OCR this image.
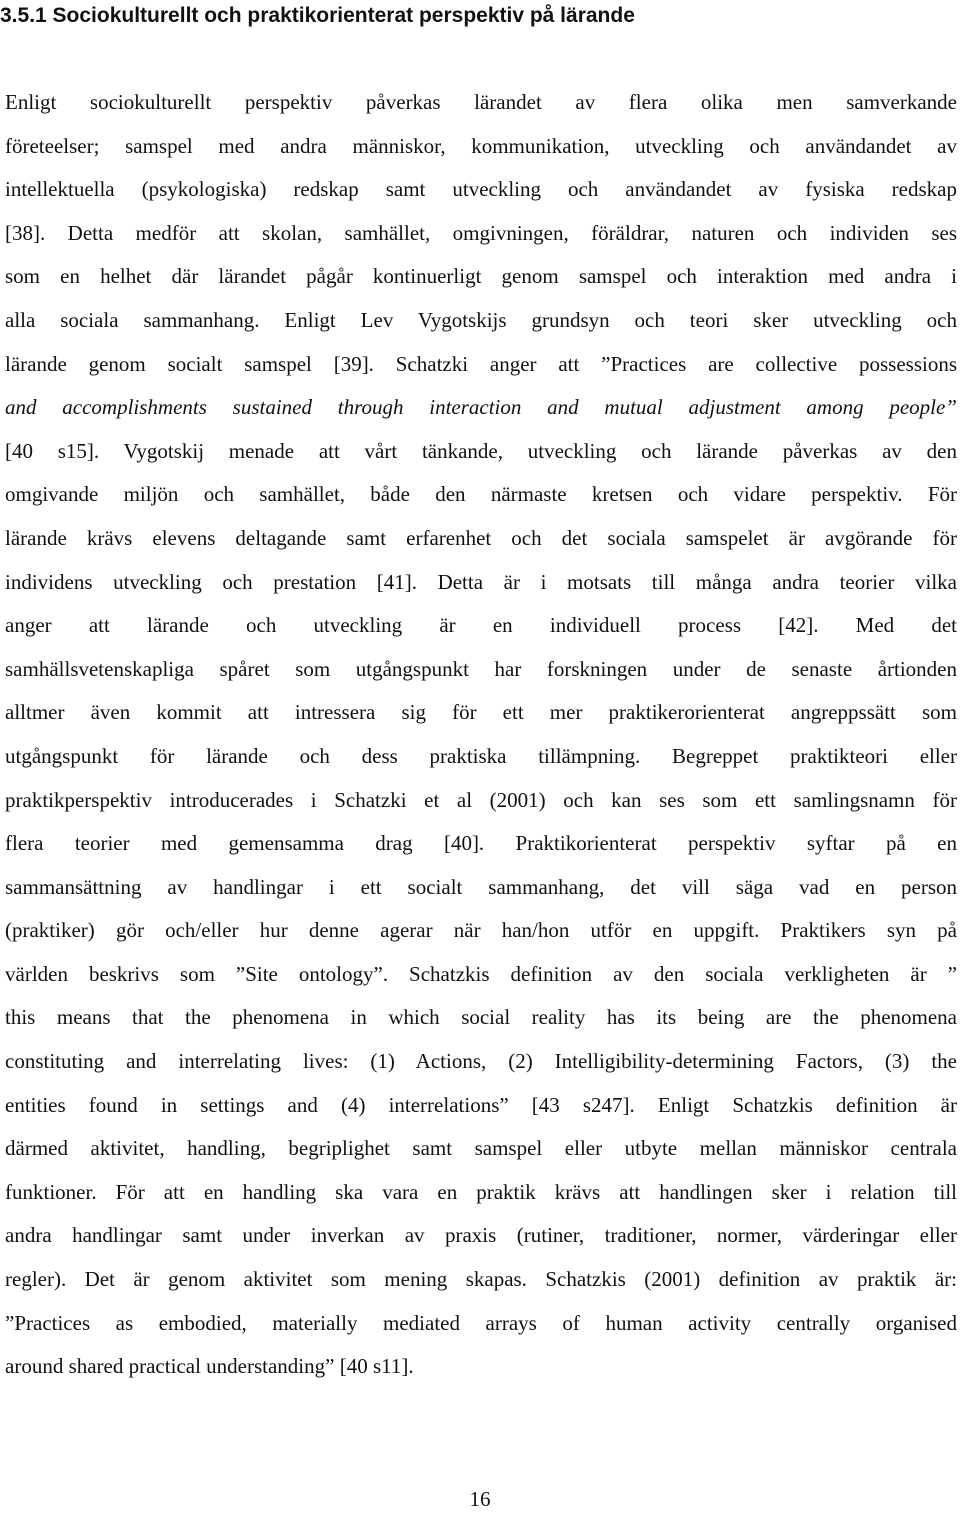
3.5.1 Sociokulturellt och praktikorienterat perspektiv på lärande
Enligt sociokulturellt perspektiv påverkas lärandet av flera olika men samverkande
företeelser; samspel med andra människor, kommunikation, utveckling och användandet av
intellektuella (psykologiska) redskap samt utveckling och användandet av fysiska redskap
[38]. Detta medför att skolan, samhället, omgivningen, föräldrar, naturen och individen ses
som en helhet där lärandet pågår kontinuerligt genom samspel och interaktion med andra i
alla sociala sammanhang. Enligt Lev Vygotskijs grundsyn och teori sker utveckling och
lärande genom socialt samspel [39]. Schatzki anger att ”Practices are collective possessions
and accomplishments sustained through interaction and mutual adjustment among people”
[40 s15]. Vygotskij menade att vårt tänkande, utveckling och lärande påverkas av den
omgivande miljön och samhället, både den närmaste kretsen och vidare perspektiv. För
lärande krävs elevens deltagande samt erfarenhet och det sociala samspelet är avgörande för
individens utveckling och prestation [41]. Detta är i motsats till många andra teorier vilka
anger att lärande och utveckling är en individuell process [42]. Med det
samhällsvetenskapliga spåret som utgångspunkt har forskningen under de senaste årtionden
alltmer även kommit att intressera sig för ett mer praktikerorienterat angreppssätt som
utgångspunkt för lärande och dess praktiska tillämpning. Begreppet praktikteori eller
praktikperspektiv introducerades i Schatzki et al (2001) och kan ses som ett samlingsnamn för
flera teorier med gemensamma drag [40]. Praktikorienterat perspektiv syftar på en
sammansättning av handlingar i ett socialt sammanhang, det vill säga vad en person
(praktiker) gör och/eller hur denne agerar när han/hon utför en uppgift. Praktikers syn på
världen beskrivs som ”Site ontology”. Schatzkis definition av den sociala verkligheten är ”
this means that the phenomena in which social reality has its being are the phenomena
constituting and interrelating lives: (1) Actions, (2) Intelligibility-determining Factors, (3) the
entities found in settings and (4) interrelations” [43 s247]. Enligt Schatzkis definition är
därmed aktivitet, handling, begriplighet samt samspel eller utbyte mellan människor centrala
funktioner. För att en handling ska vara en praktik krävs att handlingen sker i relation till
andra handlingar samt under inverkan av praxis (rutiner, traditioner, normer, värderingar eller
regler). Det är genom aktivitet som mening skapas. Schatzkis (2001) definition av praktik är:
”Practices as embodied, materially mediated arrays of human activity centrally organised
around shared practical understanding” [40 s11].
16
